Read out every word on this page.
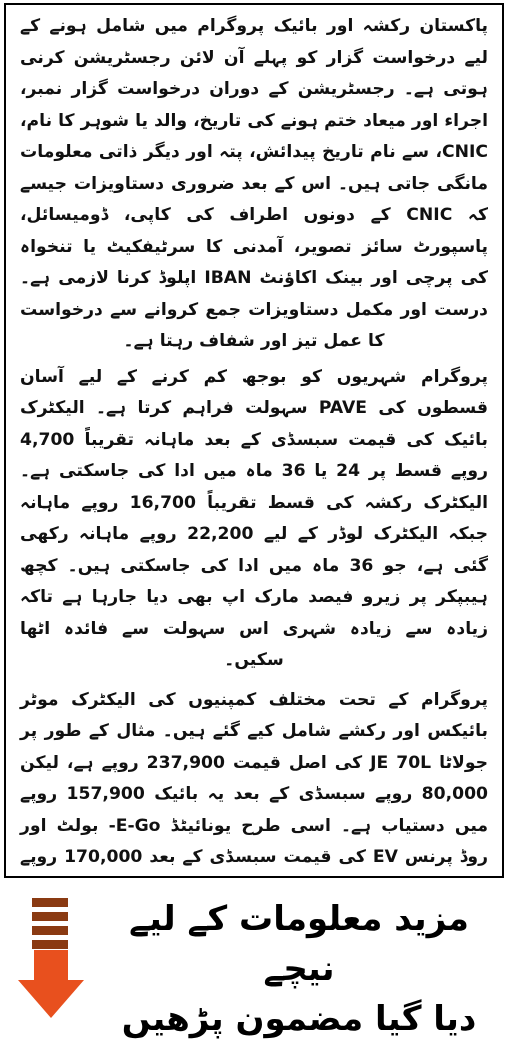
پاکستان رکشہ اور بائیک پروگرام میں شامل ہونے کے لیے درخواست گزار کو پہلے آن لائن رجسٹریشن کرنی ہوتی ہے۔ رجسٹریشن کے دوران درخواست گزار نمبر، اجراء اور میعاد ختم ہونے کی تاریخ، والد یا شوہر کا نام، CNIC، سے نام تاریخ پیدائش، پتہ اور دیگر ذاتی معلومات مانگی جاتی ہیں۔ اس کے بعد ضروری دستاویزات جیسے کہ CNIC کے دونوں اطراف کی کاپی، ڈومیسائل، پاسپورٹ سائز تصویر، آمدنی کا سرٹیفکیٹ یا تنخواہ کی پرچی اور بینک اکاؤنٹ IBAN اپلوڈ کرنا لازمی ہے۔ درست اور مکمل دستاویزات جمع کروانے سے درخواست کا عمل تیز اور شفاف رہتا ہے۔

پروگرام شہریوں کو بوجھ کم کرنے کے لیے آسان قسطوں کی PAVE سہولت فراہم کرتا ہے۔ الیکٹرک بائیک کی قیمت سبسڈی کے بعد ماہانہ تقریباً 4,700 روپے قسط پر 24 یا 36 ماہ میں ادا کی جاسکتی ہے۔ الیکٹرک رکشہ کی قسط تقریباً 16,700 روپے ماہانہ جبکہ الیکٹرک لوڈر کے لیے 22,200 روپے ماہانہ رکھی گئی ہے، جو 36 ماہ میں ادا کی جاسکتی ہیں۔ کچھ ہیبپکر پر زیرو فیصد مارک اپ بھی دیا جارہا ہے تاکہ زیادہ سے زیادہ شہری اس سہولت سے فائدہ اٹھا سکیں۔

پروگرام کے تحت مختلف کمپنیوں کی الیکٹرک موٹر بائیکس اور رکشے شامل کیے گئے ہیں۔ مثال کے طور پر جولاٹا JE 70L کی اصل قیمت 237,900 روپے ہے، لیکن 80,000 روپے سبسڈی کے بعد یہ بائیک 157,900 روپے میں دستیاب ہے۔ اسی طرح یونائیٹڈ E-Go- بولٹ اور روڈ پرنس EV کی قیمت سبسڈی کے بعد 170,000 روپے

مزید معلومات کے لیے نیچے
دیا گیا مضمون پڑھیں
